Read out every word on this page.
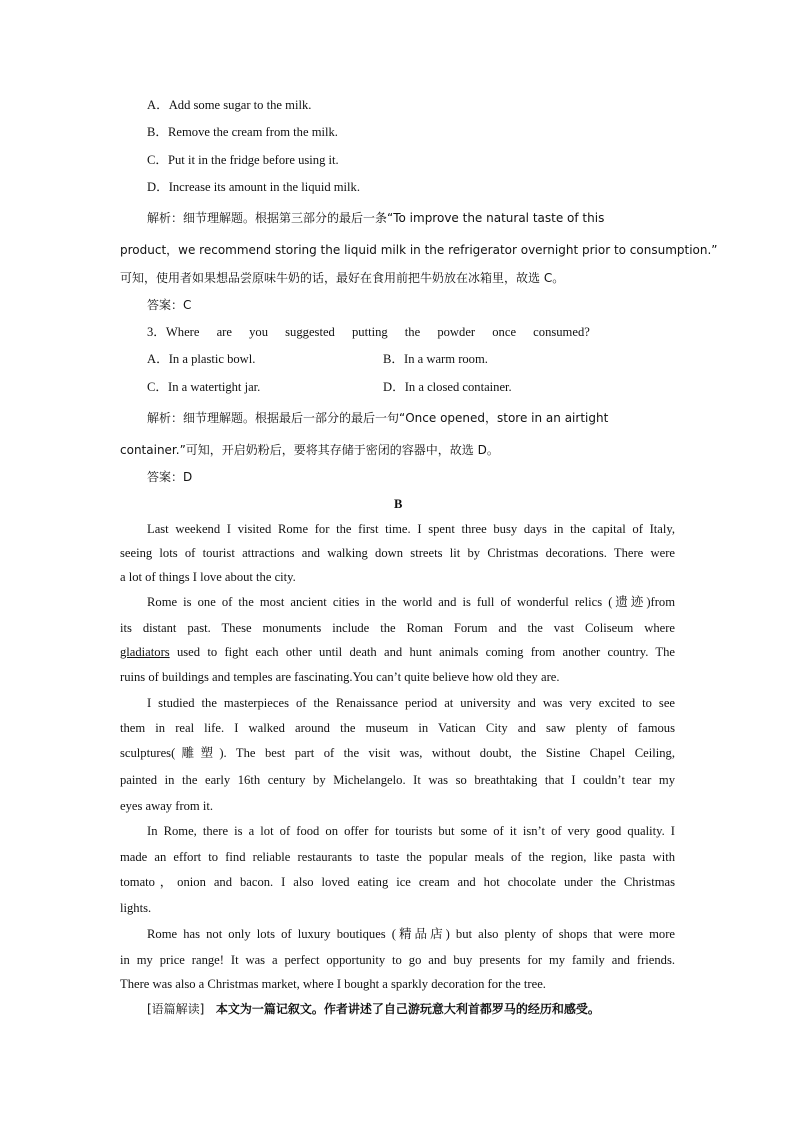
A．Add some sugar to the milk.
B．Remove the cream from the milk.
C．Put it in the fridge before using it.
D．Increase its amount in the liquid milk.
解析：细节理解题。根据第三部分的最后一条“To improve the natural taste of this
product，we recommend storing the liquid milk in the refrigerator overnight prior to consumption.”
可知，使用者如果想品尝原味牛奶的话，最好在食用前把牛奶放在冰箱里，故选 C。
答案：C
3．Where are you suggested putting the powder once consumed?
A．In a plastic bowl.	B．In a warm room.
C．In a watertight jar.	D．In a closed container.
解析：细节理解题。根据最后一部分的最后一句“Once opened，store in an airtight
container.”可知，开启奶粉后，要将其存储于密闭的容器中，故选 D。
答案：D
B
Last weekend I visited Rome for the first time. I spent three busy days in the capital of Italy,
seeing lots of tourist attractions and walking down streets lit by Christmas decorations. There were
a lot of things I love about the city.
Rome is one of the most ancient cities in the world and is full of wonderful relics (遗迹)from
its distant past. These monuments include the Roman Forum and the vast Coliseum where
gladiators used to fight each other until death and hunt animals coming from another country. The
ruins of buildings and temples are fascinating.You can’t quite believe how old they are.
I studied the masterpieces of the Renaissance period at university and was very excited to see
them in real life. I walked around the museum in Vatican City and saw plenty of famous
sculptures(雕塑). The best part of the visit was, without doubt, the Sistine Chapel Ceiling,
painted in the early 16th century by Michelangelo. It was so breathtaking that I couldn’t tear my
eyes away from it.
In Rome, there is a lot of food on offer for tourists but some of it isn’t of very good quality. I
made an effort to find reliable restaurants to taste the popular meals of the region, like pasta with
tomato，onion and bacon. I also loved eating ice cream and hot chocolate under the Christmas
lights.
Rome has not only lots of luxury boutiques (精品店) but also plenty of shops that were more
in my price range! It was a perfect opportunity to go and buy presents for my family and friends.
There was also a Christmas market, where I bought a sparkly decoration for the tree.
[语篇解读] 本文为一篇记叙文。作者讲述了自己游玩意大利首都罗马的经历和感受。
